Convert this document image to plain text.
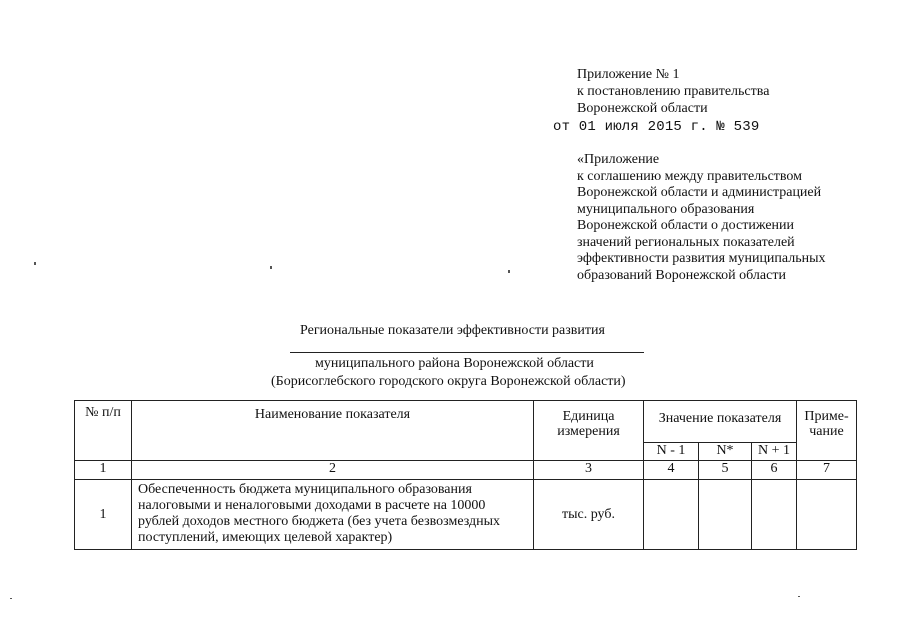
Приложение № 1
к постановлению правительства
Воронежской области
от 01 июля 2015 г. № 539
«Приложение
к соглашению между правительством
Воронежской области и администрацией
муниципального образования
Воронежской области о достижении
значений региональных показателей
эффективности развития муниципальных
образований Воронежской области
Региональные показатели эффективности развития
муниципального района Воронежской области
(Борисоглебского городского округа Воронежской области)
№ п/п	Наименование показателя	Единица измерения	Значение показателя			Приме-чание
			N - 1	N*	N + 1	
1	2	3	4	5	6	7
1	Обеспеченность бюджета муниципального образования налоговыми и неналоговыми доходами в расчете на 10000 рублей доходов местного бюджета (без учета безвозмездных поступлений, имеющих целевой характер)	тыс. руб.				
